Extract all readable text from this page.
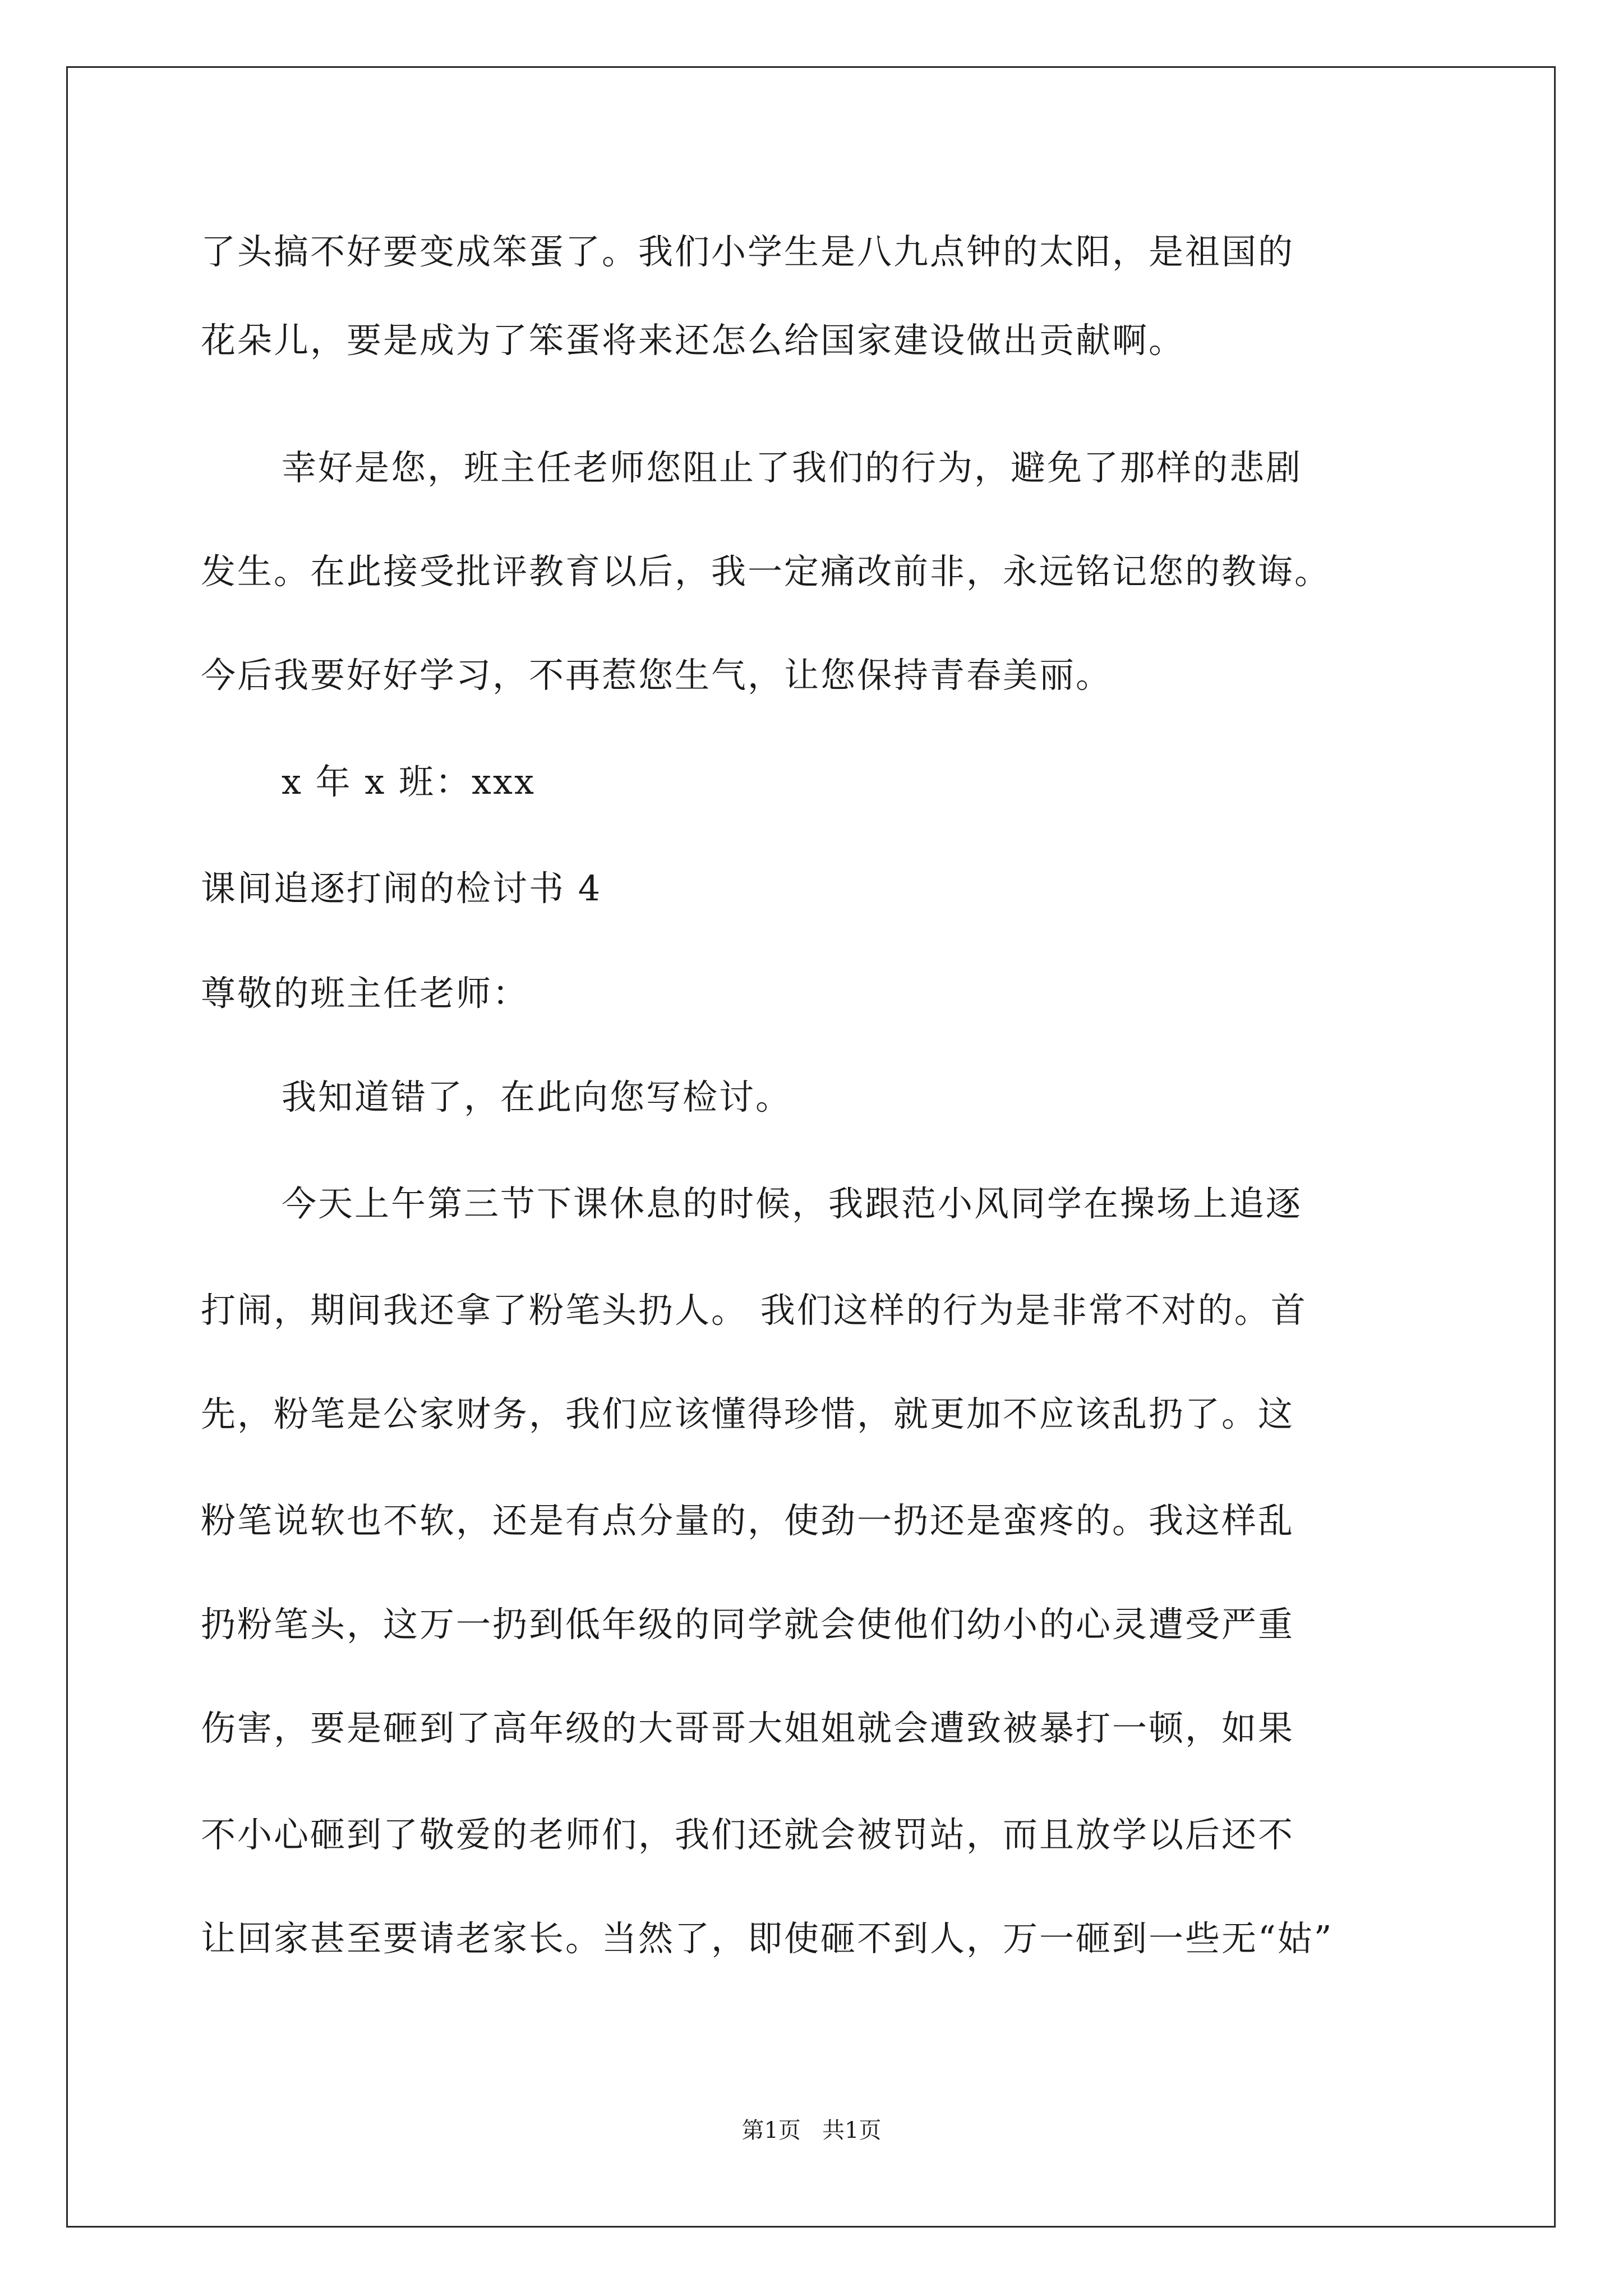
了头搞不好要变成笨蛋了。我们小学生是八九点钟的太阳，是祖国的
花朵儿，要是成为了笨蛋将来还怎么给国家建设做出贡献啊。
幸好是您，班主任老师您阻止了我们的行为，避免了那样的悲剧
发生。在此接受批评教育以后，我一定痛改前非，永远铭记您的教诲。
今后我要好好学习，不再惹您生气，让您保持青春美丽。
x 年 x 班：xxx
课间追逐打闹的检讨书 4
尊敬的班主任老师：
我知道错了，在此向您写检讨。
今天上午第三节下课休息的时候，我跟范小风同学在操场上追逐
打闹，期间我还拿了粉笔头扔人。 我们这样的行为是非常不对的。首
先，粉笔是公家财务，我们应该懂得珍惜，就更加不应该乱扔了。这
粉笔说软也不软，还是有点分量的，使劲一扔还是蛮疼的。我这样乱
扔粉笔头，这万一扔到低年级的同学就会使他们幼小的心灵遭受严重
伤害，要是砸到了高年级的大哥哥大姐姐就会遭致被暴打一顿，如果
不小心砸到了敬爱的老师们，我们还就会被罚站，而且放学以后还不
让回家甚至要请老家长。当然了，即使砸不到人，万一砸到一些无“姑”
第1页   共1页
